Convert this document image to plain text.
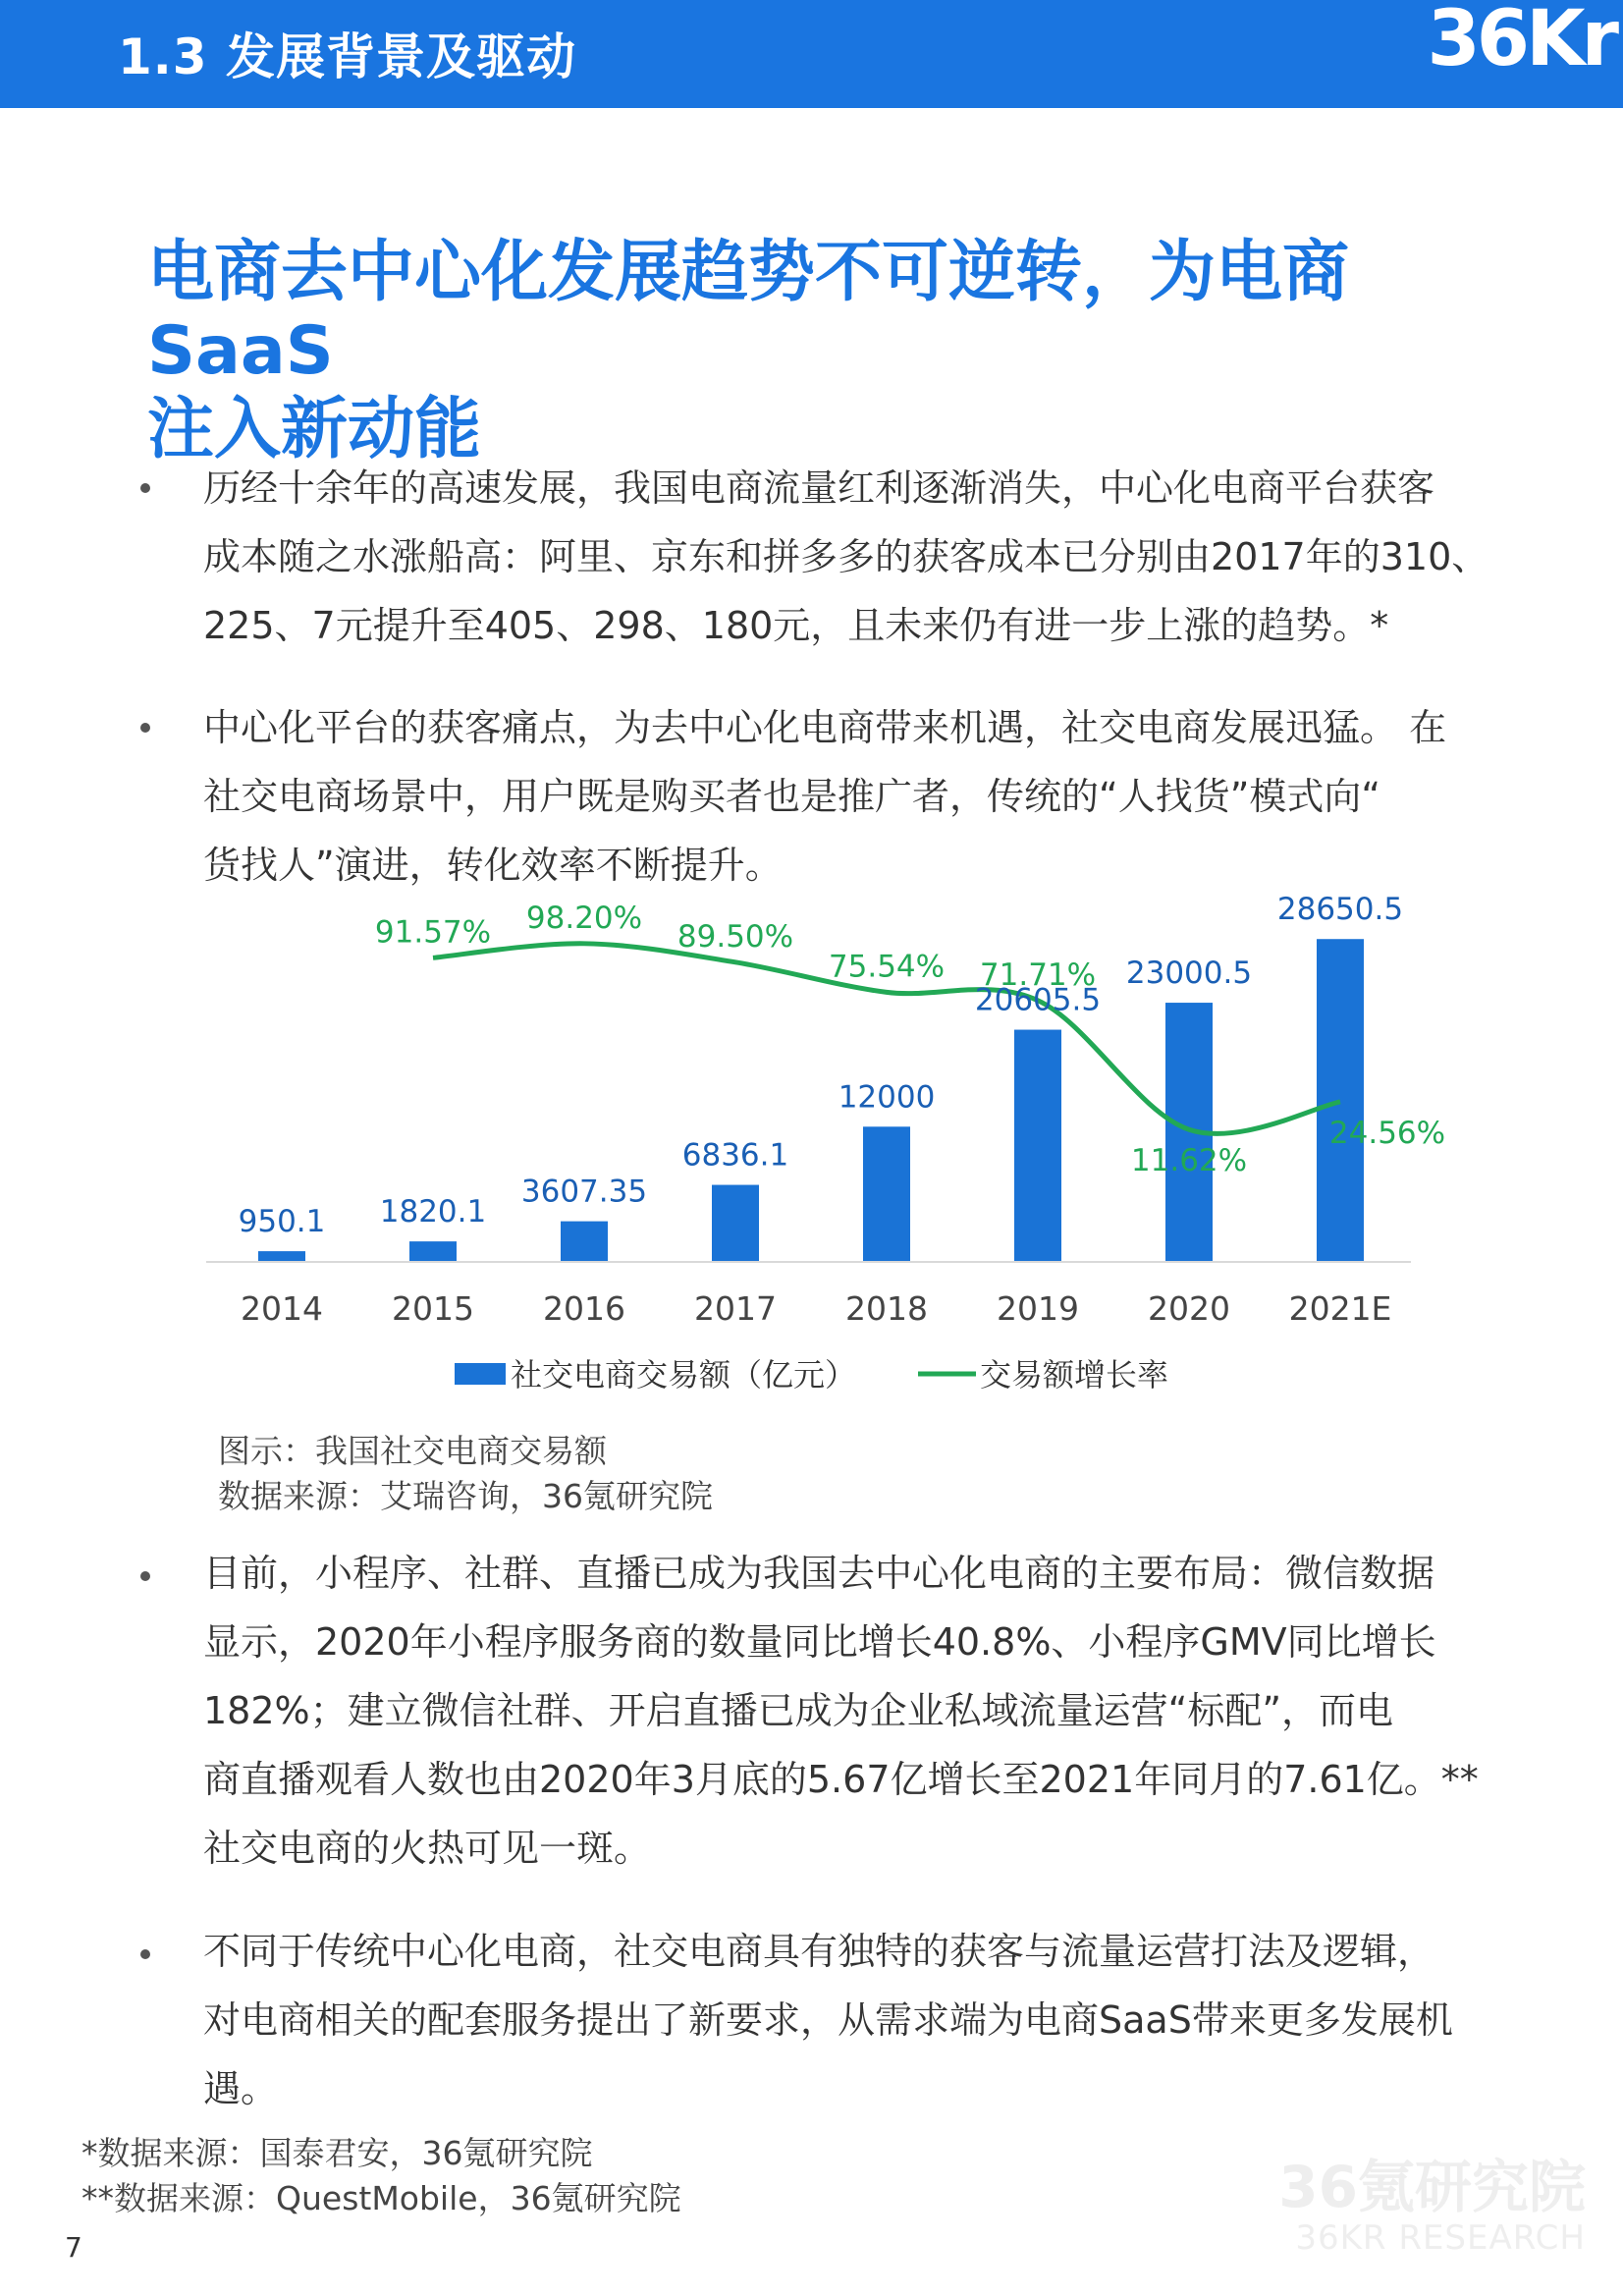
1.3 发展背景及驱动	36Kr
电商去中心化发展趋势不可逆转，为电商SaaS
注入新动能
历经十余年的高速发展，我国电商流量红利逐渐消失，中心化电商平台获客
成本随之水涨船高：阿里、京东和拼多多的获客成本已分别由2017年的310、
225、7元提升至405、298、180元，且未来仍有进一步上涨的趋势。*
中心化平台的获客痛点，为去中心化电商带来机遇，社交电商发展迅猛。 在
社交电商场景中，用户既是购买者也是推广者，传统的“人找货”模式向“
货找人”演进，转化效率不断提升。
950.1 1820.1
3607.35
6836.1
12000
20605.5
23000.5
28650.5
91.57% 98.20%
89.50%
75.54% 71.71%
11.62%
24.56%
2014 2015 2016 2017 2018 2019 2020 2021E
社交电商交易额（亿元）	交易额增长率
图示：我国社交电商交易额
数据来源：艾瑞咨询，36氪研究院
目前，小程序、社群、直播已成为我国去中心化电商的主要布局：微信数据
显示，2020年小程序服务商的数量同比增长40.8%、小程序GMV同比增长
182%；建立微信社群、开启直播已成为企业私域流量运营“标配”，而电
商直播观看人数也由2020年3月底的5.67亿增长至2021年同月的7.61亿。**
社交电商的火热可见一斑。
不同于传统中心化电商，社交电商具有独特的获客与流量运营打法及逻辑，
对电商相关的配套服务提出了新要求，从需求端为电商SaaS带来更多发展机
遇。
*数据来源：国泰君安，36氪研究院
**数据来源：QuestMobile，36氪研究院	36氪研究院
36KR RESEARCH
7
